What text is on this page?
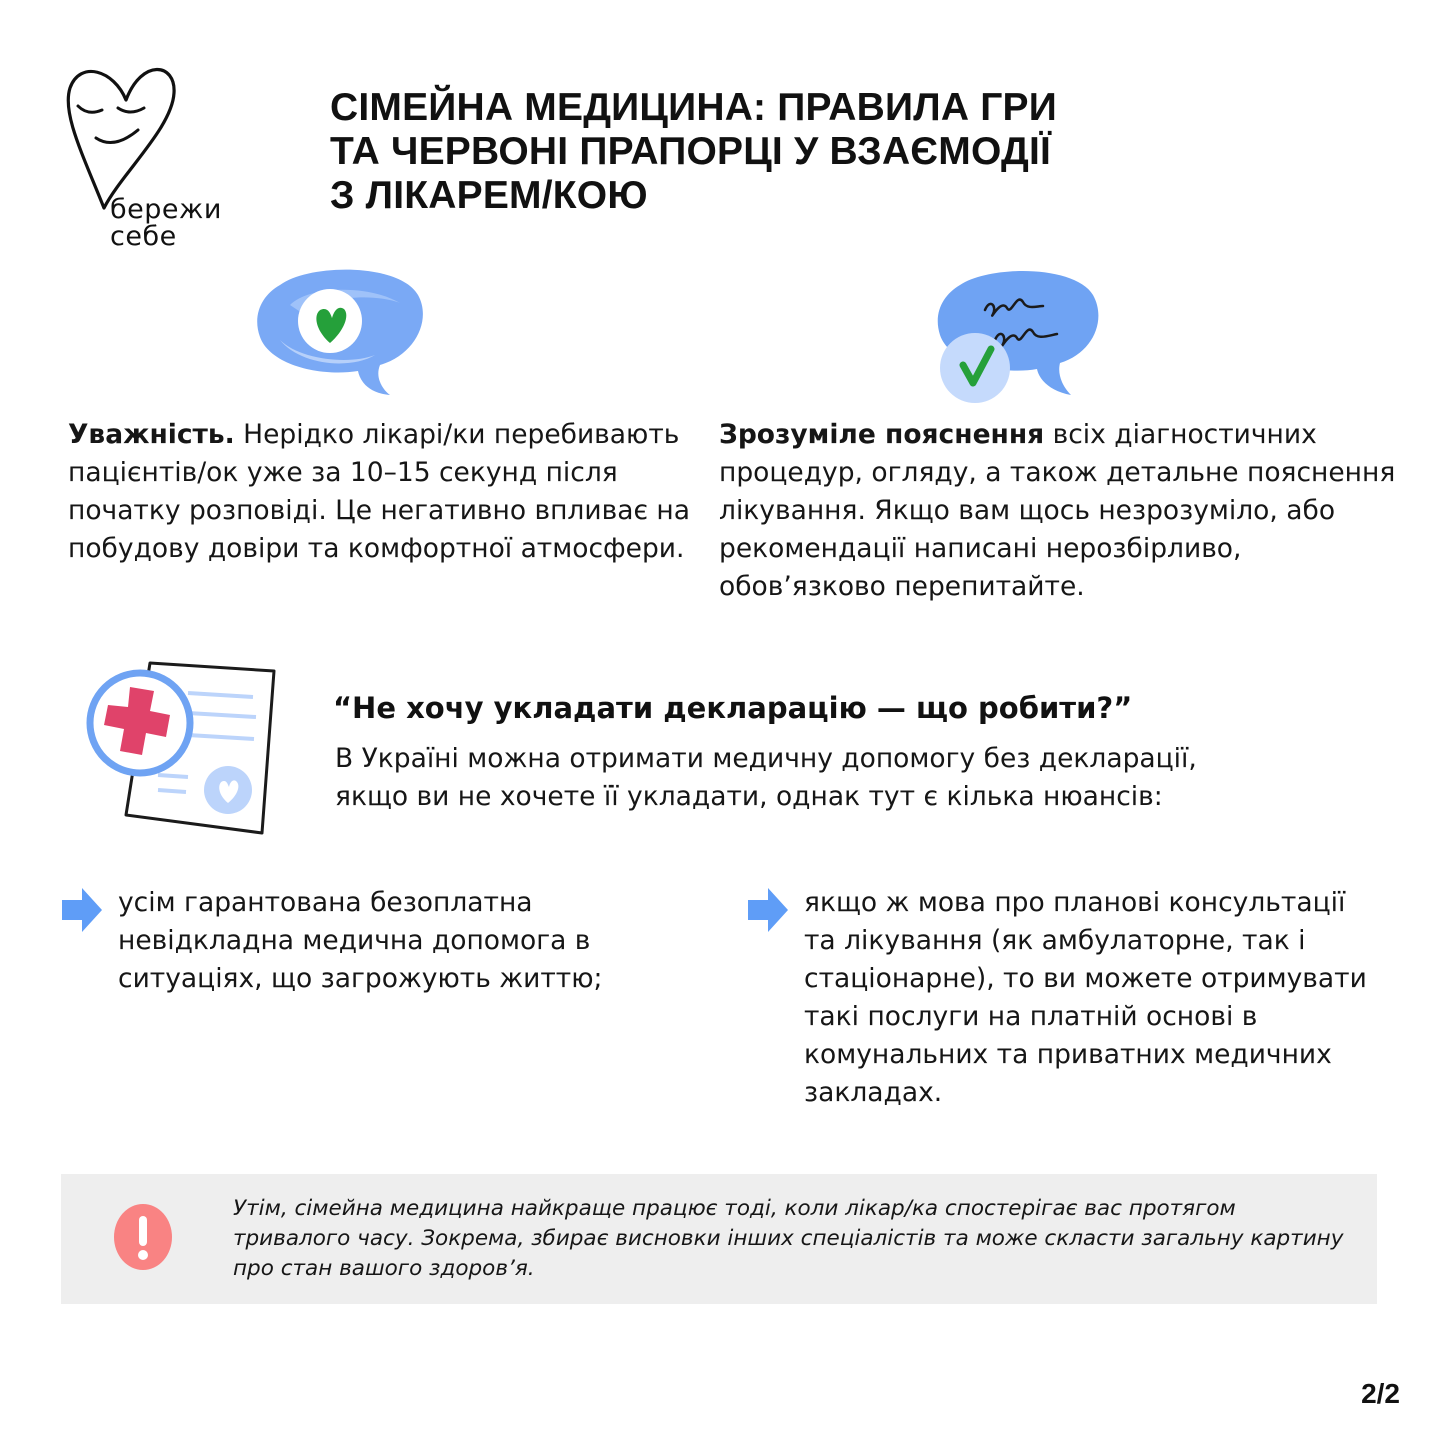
бережи
себе
СІМЕЙНА МЕДИЦИНА: ПРАВИЛА ГРИ
ТА ЧЕРВОНІ ПРАПОРЦІ У ВЗАЄМОДІЇ
З ЛІКАРЕМ/КОЮ
Уважність. Нерідко лікарі/ки перебивають пацієнтів/ок уже за 10–15 секунд після початку розповіді. Це негативно впливає на побудову довіри та комфортної атмосфери.
Зрозуміле пояснення всіх діагностичних процедур, огляду, а також детальне пояснення лікування. Якщо вам щось незрозуміло, або рекомендації написані нерозбірливо, обов’язково перепитайте.
“Не хочу укладати декларацію — що робити?”
В Україні можна отримати медичну допомогу без декларації, якщо ви не хочете її укладати, однак тут є кілька нюансів:
усім гарантована безоплатна невідкладна медична допомога в ситуаціях, що загрожують життю;
якщо ж мова про планові консультації та лікування (як амбулаторне, так і стаціонарне), то ви можете отримувати такі послуги на платній основі в комунальних та приватних медичних закладах.
Утім, сімейна медицина найкраще працює тоді, коли лікар/ка спостерігає вас протягом тривалого часу. Зокрема, збирає висновки інших спеціалістів та може скласти загальну картину про стан вашого здоров’я.
2/2
